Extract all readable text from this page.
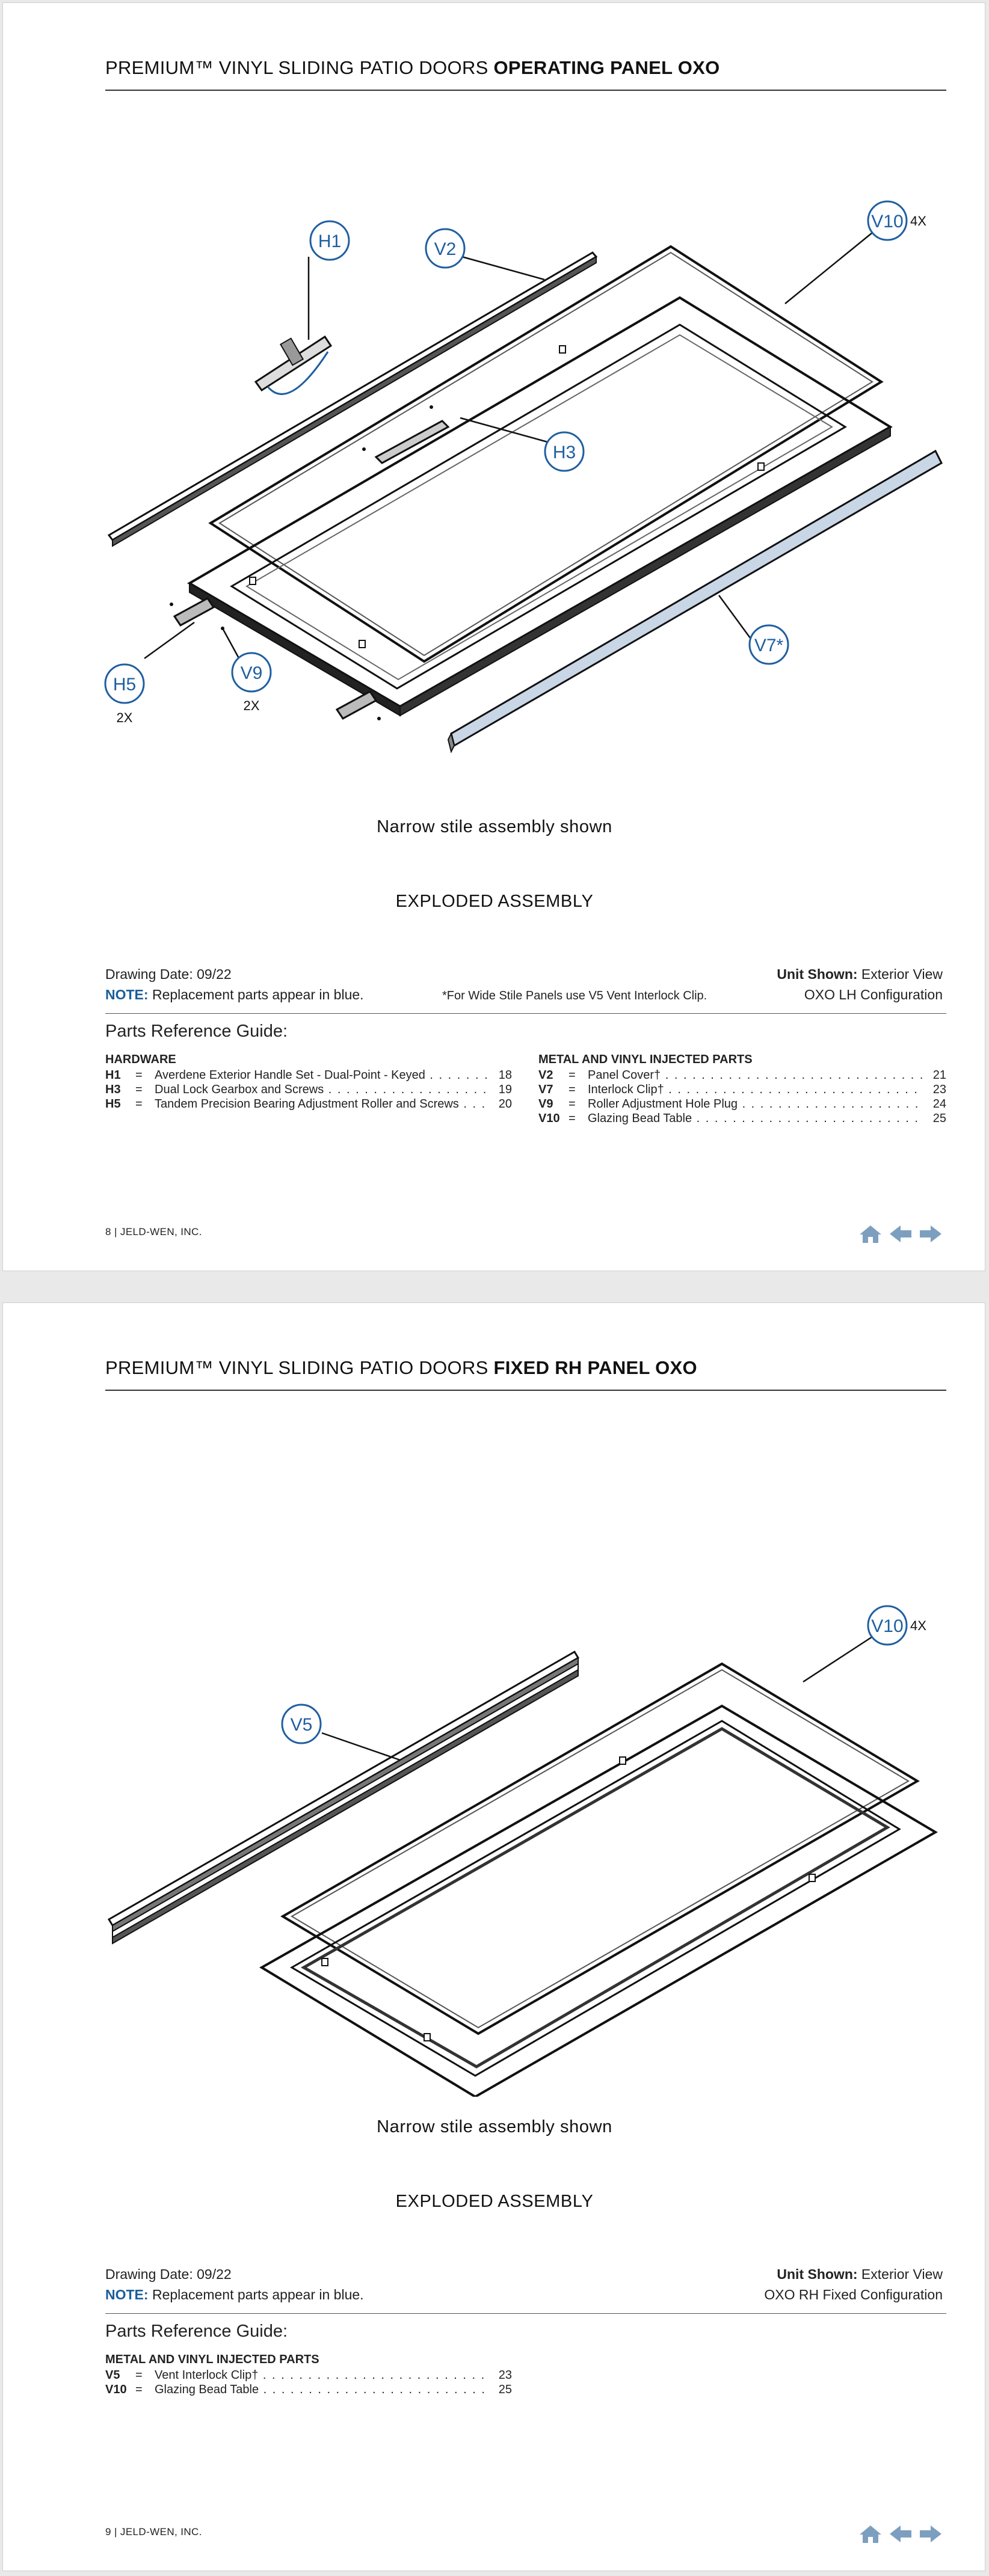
PREMIUM™ VINYL SLIDING PATIO DOORS OPERATING PANEL OXO
H1	V2
V10 4X
H3
V7*
H5
2X
V9
2X
Narrow stile assembly shown
EXPLODED ASSEMBLY
Drawing Date: 09/22
NOTE: Replacement parts appear in blue.	*For Wide Stile Panels use V5 Vent Interlock Clip.
Unit Shown: Exterior View
OXO LH Configuration
Parts Reference Guide:
HARDWARE
H1	=	Averdene Exterior Handle Set - Dual-Point - Keyed . . .	18
H3	=	Dual Lock Gearbox and Screws . . .	19
H5	=	Tandem Precision Bearing Adjustment Roller and Screws . . .	20
METAL AND VINYL INJECTED PARTS
V2	=	Panel Cover† . . .	21
V7	=	Interlock Clip† . . .	23
V9	=	Roller Adjustment Hole Plug . . .	24
V10 =	Glazing Bead Table . . .	25
8 | JELD-WEN, INC.
PREMIUM™ VINYL SLIDING PATIO DOORS FIXED RH PANEL OXO
V10 4X
V5
Narrow stile assembly shown
EXPLODED ASSEMBLY
Drawing Date: 09/22
NOTE: Replacement parts appear in blue.
Unit Shown: Exterior View
OXO RH Fixed Configuration
Parts Reference Guide:
METAL AND VINYL INJECTED PARTS
V5	=	Vent Interlock Clip† . . .	23
V10 =	Glazing Bead Table . . .	25
9 | JELD-WEN, INC.
